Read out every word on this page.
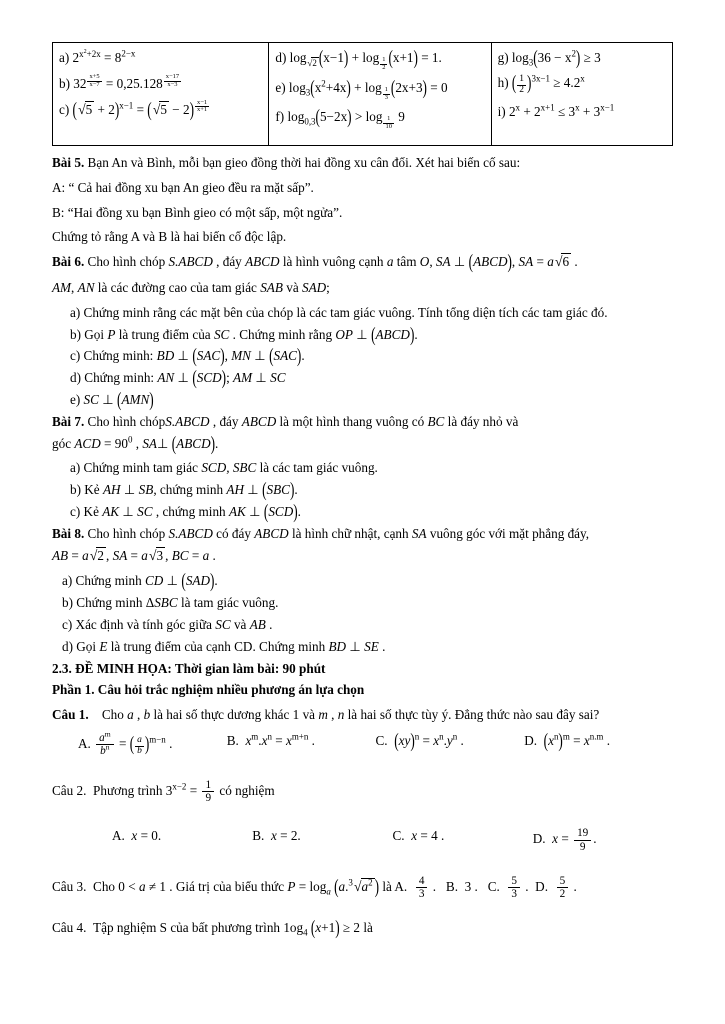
a) $2^{x^2+2x} = 8^{2-x}$
b) 32 $^{\frac{x+5}{x-7}}$ = 0,25.128 $^{\frac{x-17}{x-3}}$
c) $(√5 + 2)^{x-1} = (√5 - 2)$ $^{\frac{x-1}{x+1}}$

d) $\log_{√2} (x-1) + \log _{\frac{1}{2}}$ (x+1) = 1.
e) $\log_3(x^2+4x) + \log _{\frac{1}{3}}$ (2x+3) = 0
f) $\log_{0,3}(5-2x) > \log _{\frac{1}{10}}$ 9

g) $\log_3(36 - x^2) \ge 3$
h) ( $\frac{1}{2} )^{3x-1} \ge 4.2^x$
i) $2^x + 2^{x+1} \le 3^x + 3^{x-1}$

Bài 5. Bạn An và Bình, mỗi bạn gieo đồng thời hai đồng xu cân đối. Xét hai biến cố sau:

A: “ Cả hai đồng xu bạn An gieo đều ra mặt sấp”.

B: “Hai đồng xu bạn Bình gieo có một sấp, một ngửa”.

Chứng tỏ rằng A và B là hai biến cố độc lập.

Bài 6. Cho hình chóp S.ABCD , đáy ABCD là hình vuông cạnh a tâm O, SA ⊥ (ABCD), SA = a√6 .

AM, AN là các đường cao của tam giác SAB và SAD;

a) Chứng minh rằng các mặt bên của chóp là các tam giác vuông. Tính tổng diện tích các tam giác đó.

b) Gọi P là trung điểm của SC . Chứng minh rằng OP ⊥ (ABCD).

c) Chứng minh: BD ⊥ (SAC), MN ⊥ (SAC).

d) Chứng minh: AN ⊥ (SCD); AM ⊥ SC

e) SC ⊥ (AMN)

Bài 7. Cho hình chópS.ABCD , đáy ABCD là một hình thang vuông có BC là đáy nhỏ và

góc ACD = $90^0$ , SA⊥ (ABCD).

a) Chứng minh tam giác SCD, SBC là các tam giác vuông.

b) Kẻ AH ⊥ SB, chứng minh AH ⊥ (SBC).

c) Kẻ AK ⊥ SC , chứng minh AK ⊥ (SCD).

Bài 8. Cho hình chóp S.ABCD có đáy ABCD là hình chữ nhật, cạnh SA vuông góc với mặt phẳng đáy,

AB = a√2 , SA = a√3 , BC = a .

a) Chứng minh CD ⊥ (SAD).

b) Chứng minh ΔSBC là tam giác vuông.

c) Xác định và tính góc giữa SC và AB .

d) Gọi E là trung điểm của cạnh CD. Chứng minh BD ⊥ SE .

2.3. ĐỀ MINH HỌA: Thời gian làm bài: 90 phút

Phần 1. Câu hỏi trắc nghiệm nhiều phương án lựa chọn

Câu 1.    Cho a , b là hai số thực dương khác 1 và m , n là hai số thực tùy ý. Đẳng thức nào sau đây sai?

A. $\frac{a^m}{b^n}$ = ( $\frac{a}{b} )^{m-n}$ .	B.  $x^m.x^n = x^{m+n}$ .	C.  $(xy)^n = x^n.y^n$ .	D.  $(x^n)^m = x^{n.m}$ .

Câu 2.  Phương trình $3^{x-2} = \frac{1}{9}$ có nghiệm

A.  x = 0.	B.  x = 2.	C.  x = 4 .	D.  $x = \frac{19}{9}$ .

Câu 3.  Cho 0 < a ≠ 1 . Giá trị của biểu thức $P = \log_a (a.^3√a^2$ ) là A. $\frac{4}{3}$ . B.  3 . C. $\frac{5}{3}$ . D. $\frac{5}{2}$ .

Câu 4.  Tập nghiệm S của bất phương trình $1og_4$ (x+1) ≥ 2 là
